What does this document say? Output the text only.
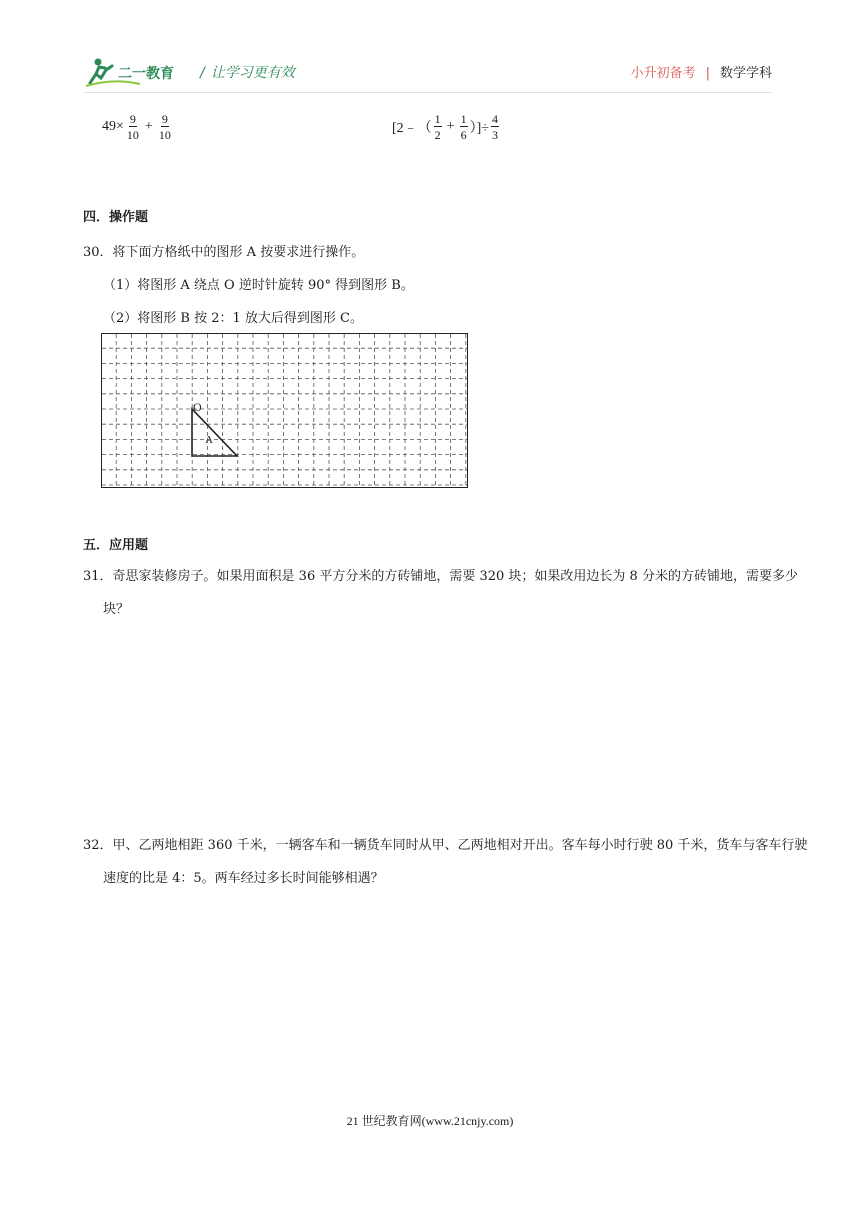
二一教育 / 让学习更有效	小升初备考 | 数学学科
$49\times \frac{9}{10} + \frac{9}{10}$	[2﹣（ $\frac{1}{2} + \frac{1}{6}$ ）]÷ $\frac{4}{3}$
四．操作题
30．将下面方格纸中的图形 A 按要求进行操作。
（1）将图形 A 绕点 O 逆时针旋转 90° 得到图形 B。
（2）将图形 B 按 2：1 放大后得到图形 C。
O
A
五．应用题
31．奇思家装修房子。如果用面积是 36 平方分米的方砖铺地，需要 320 块；如果改用边长为 8 分米的方砖铺地，需要多少块？
32．甲、乙两地相距 360 千米，一辆客车和一辆货车同时从甲、乙两地相对开出。客车每小时行驶 80 千米，货车与客车行驶速度的比是 4：5。两车经过多长时间能够相遇？
21 世纪教育网(www.21cnjy.com)
